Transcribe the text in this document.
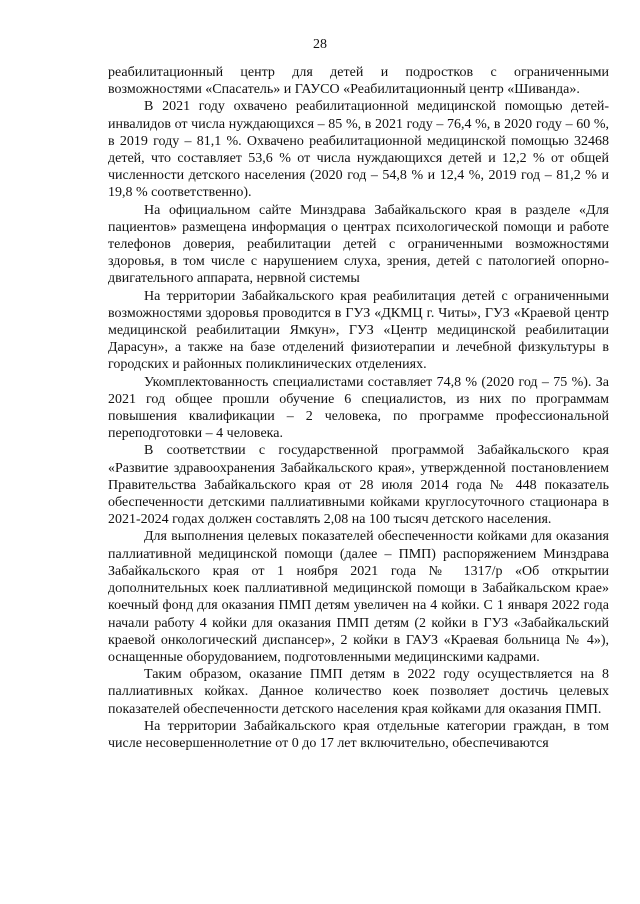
28

реабилитационный центр для детей и подростков с ограниченными возможностями «Спасатель» и ГАУСО «Реабилитационный центр «Шиванда».

В 2021 году охвачено реабилитационной медицинской помощью детей-инвалидов от числа нуждающихся – 85 %, в 2021 году – 76,4 %, в 2020 году – 60 %, в 2019 году – 81,1 %. Охвачено реабилитационной медицинской помощью 32468 детей, что составляет 53,6 % от числа нуждающихся детей и 12,2 % от общей численности детского населения (2020 год – 54,8 % и 12,4 %, 2019 год – 81,2 % и 19,8 % соответственно).

На официальном сайте Минздрава Забайкальского края в разделе «Для пациентов» размещена информация о центрах психологической помощи и работе телефонов доверия, реабилитации детей с ограниченными возможностями здоровья, в том числе с нарушением слуха, зрения, детей с патологией опорно-двигательного аппарата, нервной системы

На территории Забайкальского края реабилитация детей с ограниченными возможностями здоровья проводится в ГУЗ «ДКМЦ г. Читы», ГУЗ «Краевой центр медицинской реабилитации Ямкун», ГУЗ «Центр медицинской реабилитации Дарасун», а также на базе отделений физиотерапии и лечебной физкультуры в городских и районных поликлинических отделениях.

Укомплектованность специалистами составляет 74,8 % (2020 год – 75 %). За 2021 год общее прошли обучение 6 специалистов, из них по программам повышения квалификации – 2 человека, по программе профессиональной переподготовки – 4 человека.

В соответствии с государственной программой Забайкальского края «Развитие здравоохранения Забайкальского края», утвержденной постановлением Правительства Забайкальского края от 28 июля 2014 года № 448 показатель обеспеченности детскими паллиативными койками круглосуточного стационара в 2021-2024 годах должен составлять 2,08 на 100 тысяч детского населения.

Для выполнения целевых показателей обеспеченности койками для оказания паллиативной медицинской помощи (далее – ПМП) распоряжением Минздрава Забайкальского края от 1 ноября 2021 года № 1317/р «Об открытии дополнительных коек паллиативной медицинской помощи в Забайкальском крае» коечный фонд для оказания ПМП детям увеличен на 4 койки. С 1 января 2022 года начали работу 4 койки для оказания ПМП детям (2 койки в ГУЗ «Забайкальский краевой онкологический диспансер», 2 койки в ГАУЗ «Краевая больница № 4»), оснащенные оборудованием, подготовленными медицинскими кадрами.

Таким образом, оказание ПМП детям в 2022 году осуществляется на 8 паллиативных койках. Данное количество коек позволяет достичь целевых показателей обеспеченности детского населения края койками для оказания ПМП.

На территории Забайкальского края отдельные категории граждан, в том числе несовершеннолетние от 0 до 17 лет включительно, обеспечиваются
